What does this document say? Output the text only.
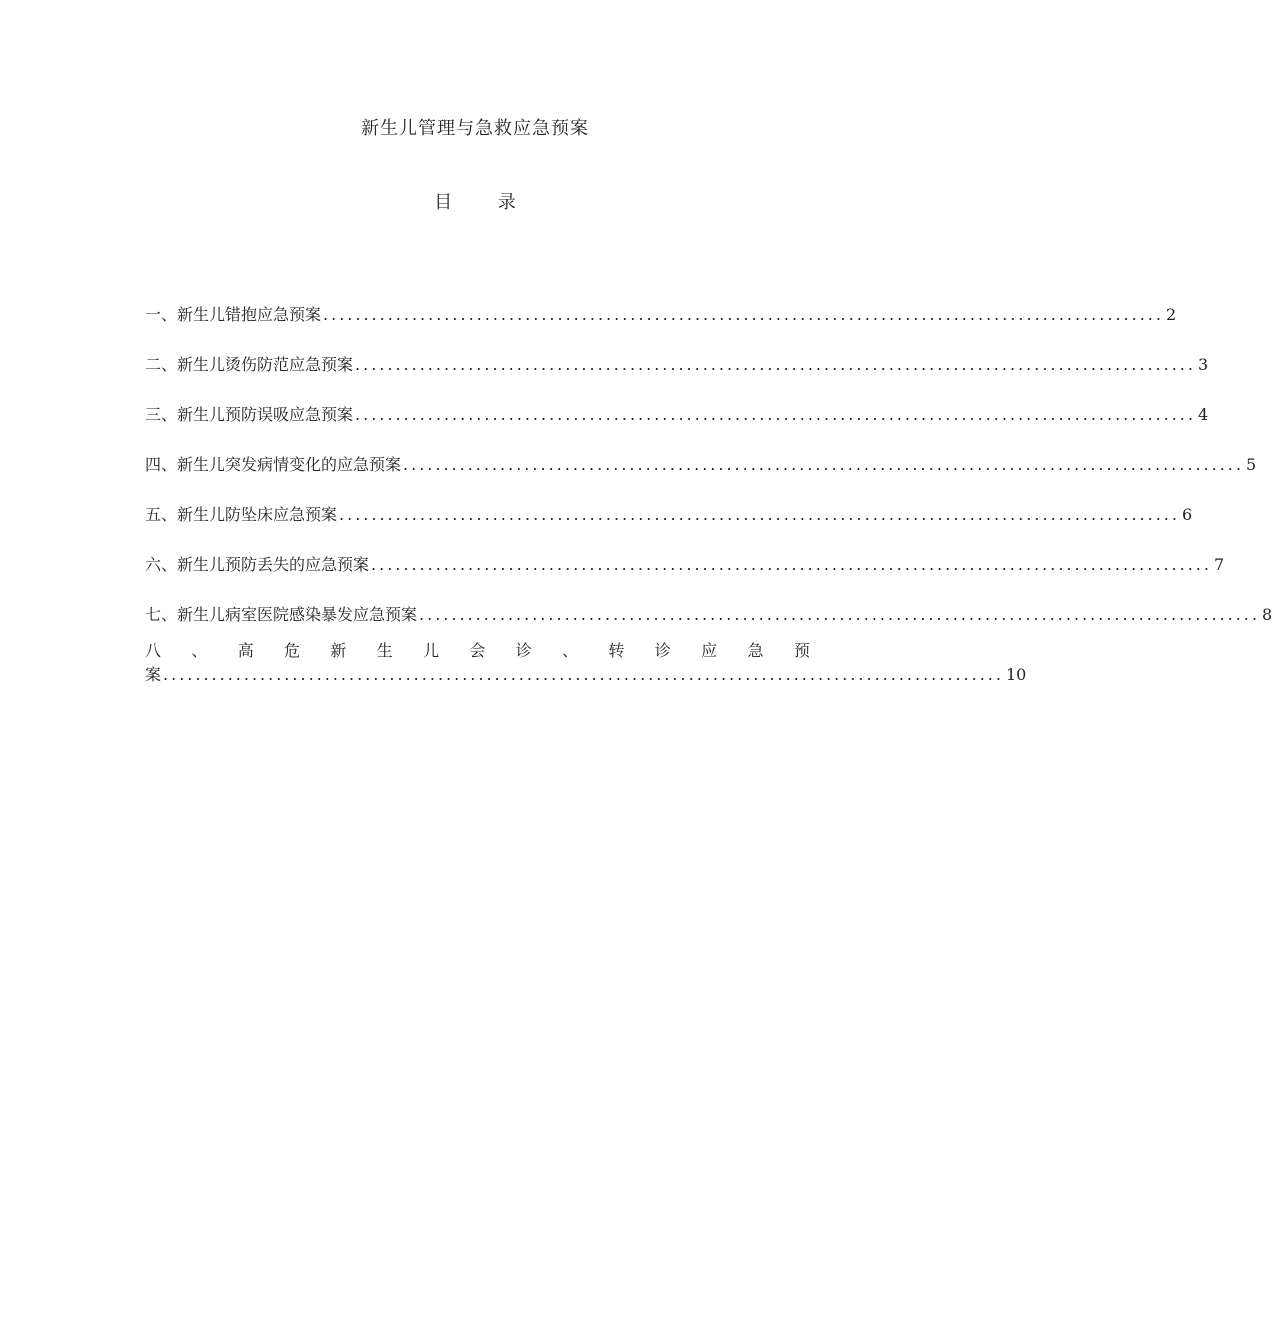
新生儿管理与急救应急预案
目 录
一、新生儿错抱应急预案 ........................................................................................................ 2
二、新生儿烫伤防范应急预案 ........................................................................................................ 3
三、新生儿预防误吸应急预案 ........................................................................................................ 4
四、新生儿突发病情变化的应急预案 ........................................................................................................ 5
五、新生儿防坠床应急预案 ........................................................................................................ 6
六、新生儿预防丢失的应急预案 ........................................................................................................ 7
七、新生儿病室医院感染暴发应急预案 ........................................................................................................ 8
八 、 高 危 新 生 儿 会 诊 、 转 诊 应 急 预
案 ........................................................................................................ 10
